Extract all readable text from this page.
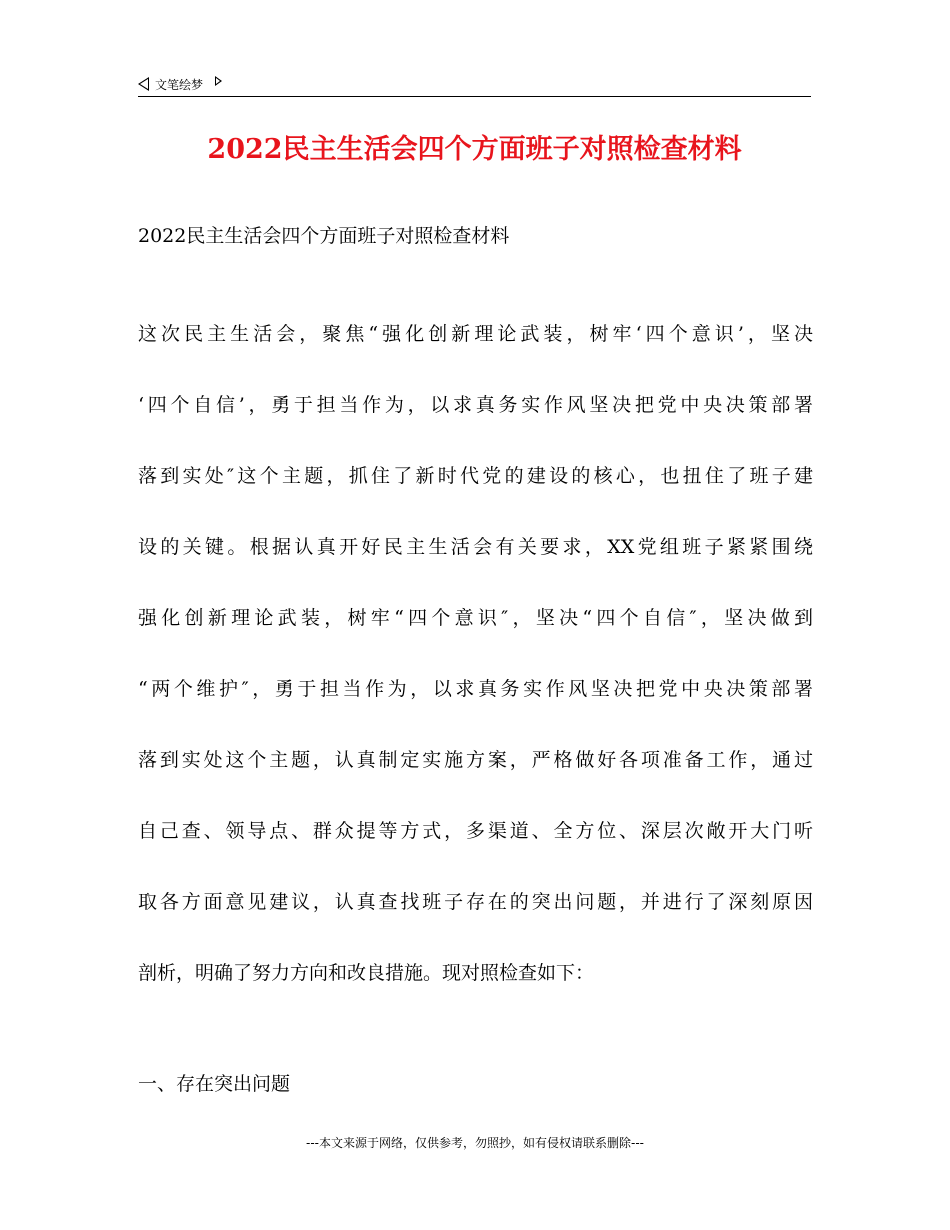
文笔绘梦
2022民主生活会四个方面班子对照检查材料
2022民主生活会四个方面班子对照检查材料
这次民主生活会，聚焦“强化创新理论武装，树牢‘四个意识’，坚决
‘四个自信’，勇于担当作为，以求真务实作风坚决把党中央决策部署
落到实处″这个主题，抓住了新时代党的建设的核心，也扭住了班子建
设的关键。根据认真开好民主生活会有关要求，XX党组班子紧紧围绕
强化创新理论武装，树牢“四个意识″，坚决“四个自信″，坚决做到
“两个维护″，勇于担当作为，以求真务实作风坚决把党中央决策部署
落到实处这个主题，认真制定实施方案，严格做好各项准备工作，通过
自己查、领导点、群众提等方式，多渠道、全方位、深层次敞开大门听
取各方面意见建议，认真查找班子存在的突出问题，并进行了深刻原因
剖析，明确了努力方向和改良措施。现对照检查如下：
一、存在突出问题
---本文来源于网络，仅供参考，勿照抄，如有侵权请联系删除---
